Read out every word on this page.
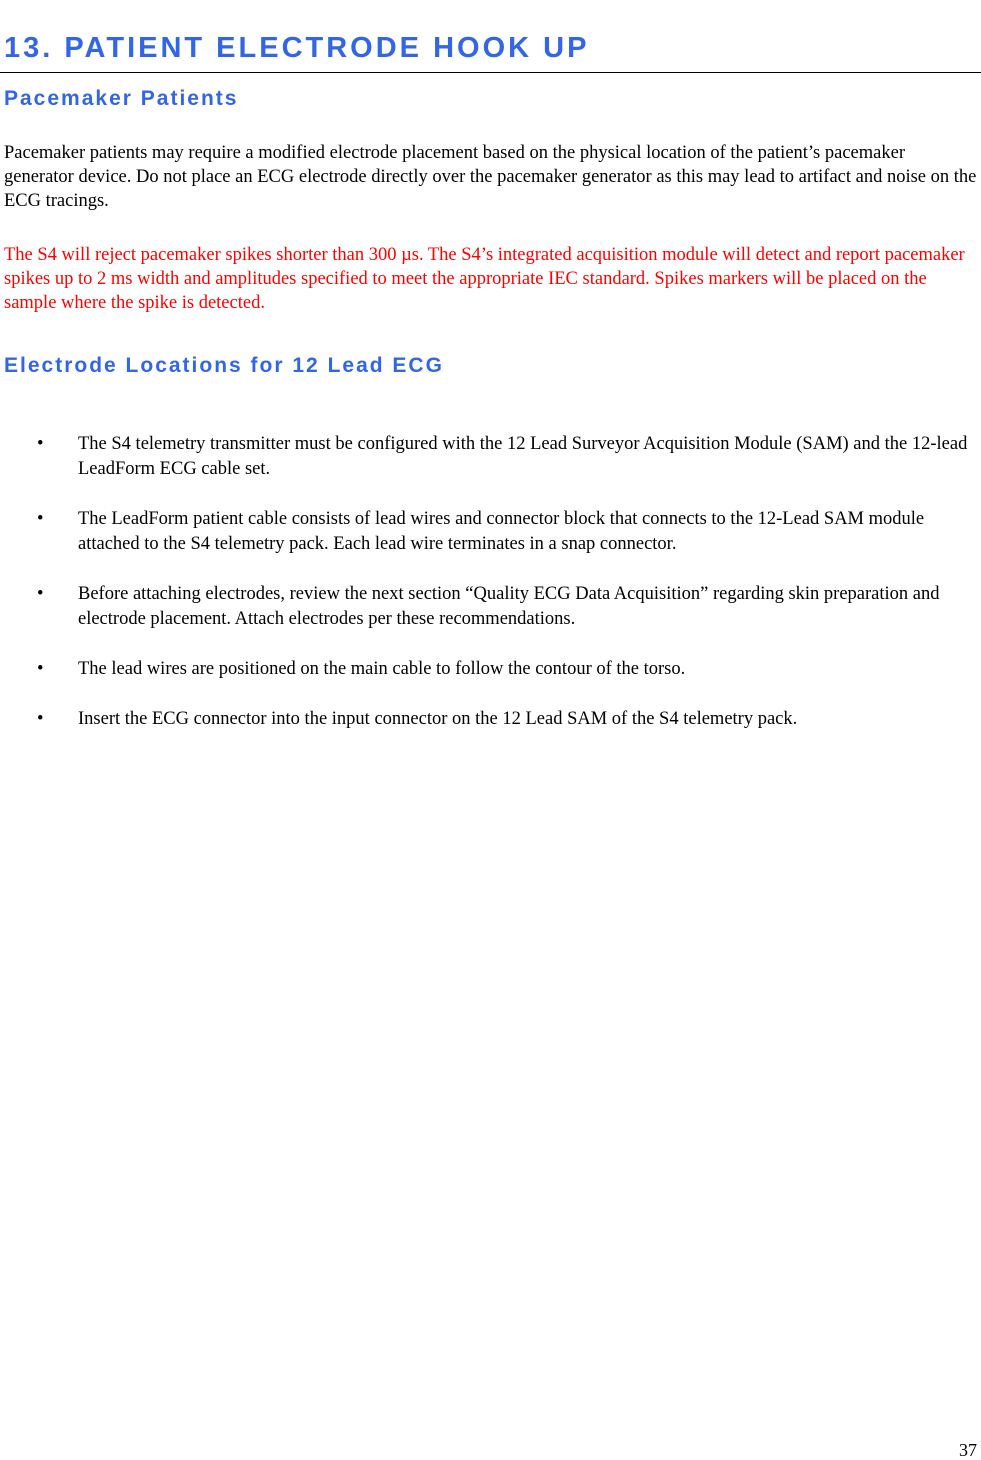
13. PATIENT ELECTRODE HOOK UP
Pacemaker Patients

Pacemaker patients may require a modified electrode placement based on the physical location of the patient’s pacemaker generator device. Do not place an ECG electrode directly over the pacemaker generator as this may lead to artifact and noise on the ECG tracings.

The S4 will reject pacemaker spikes shorter than 300 µs. The S4’s integrated acquisition module will detect and report pacemaker spikes up to 2 ms width and amplitudes specified to meet the appropriate IEC standard. Spikes markers will be placed on the sample where the spike is detected.

Electrode Locations for 12 Lead ECG
• The S4 telemetry transmitter must be configured with the 12 Lead Surveyor Acquisition Module (SAM) and the 12-lead LeadForm ECG cable set.
• The LeadForm patient cable consists of lead wires and connector block that connects to the 12-Lead SAM module attached to the S4 telemetry pack. Each lead wire terminates in a snap connector.
• Before attaching electrodes, review the next section “Quality ECG Data Acquisition” regarding skin preparation and electrode placement. Attach electrodes per these recommendations.
• The lead wires are positioned on the main cable to follow the contour of the torso.
• Insert the ECG connector into the input connector on the 12 Lead SAM of the S4 telemetry pack.
37
